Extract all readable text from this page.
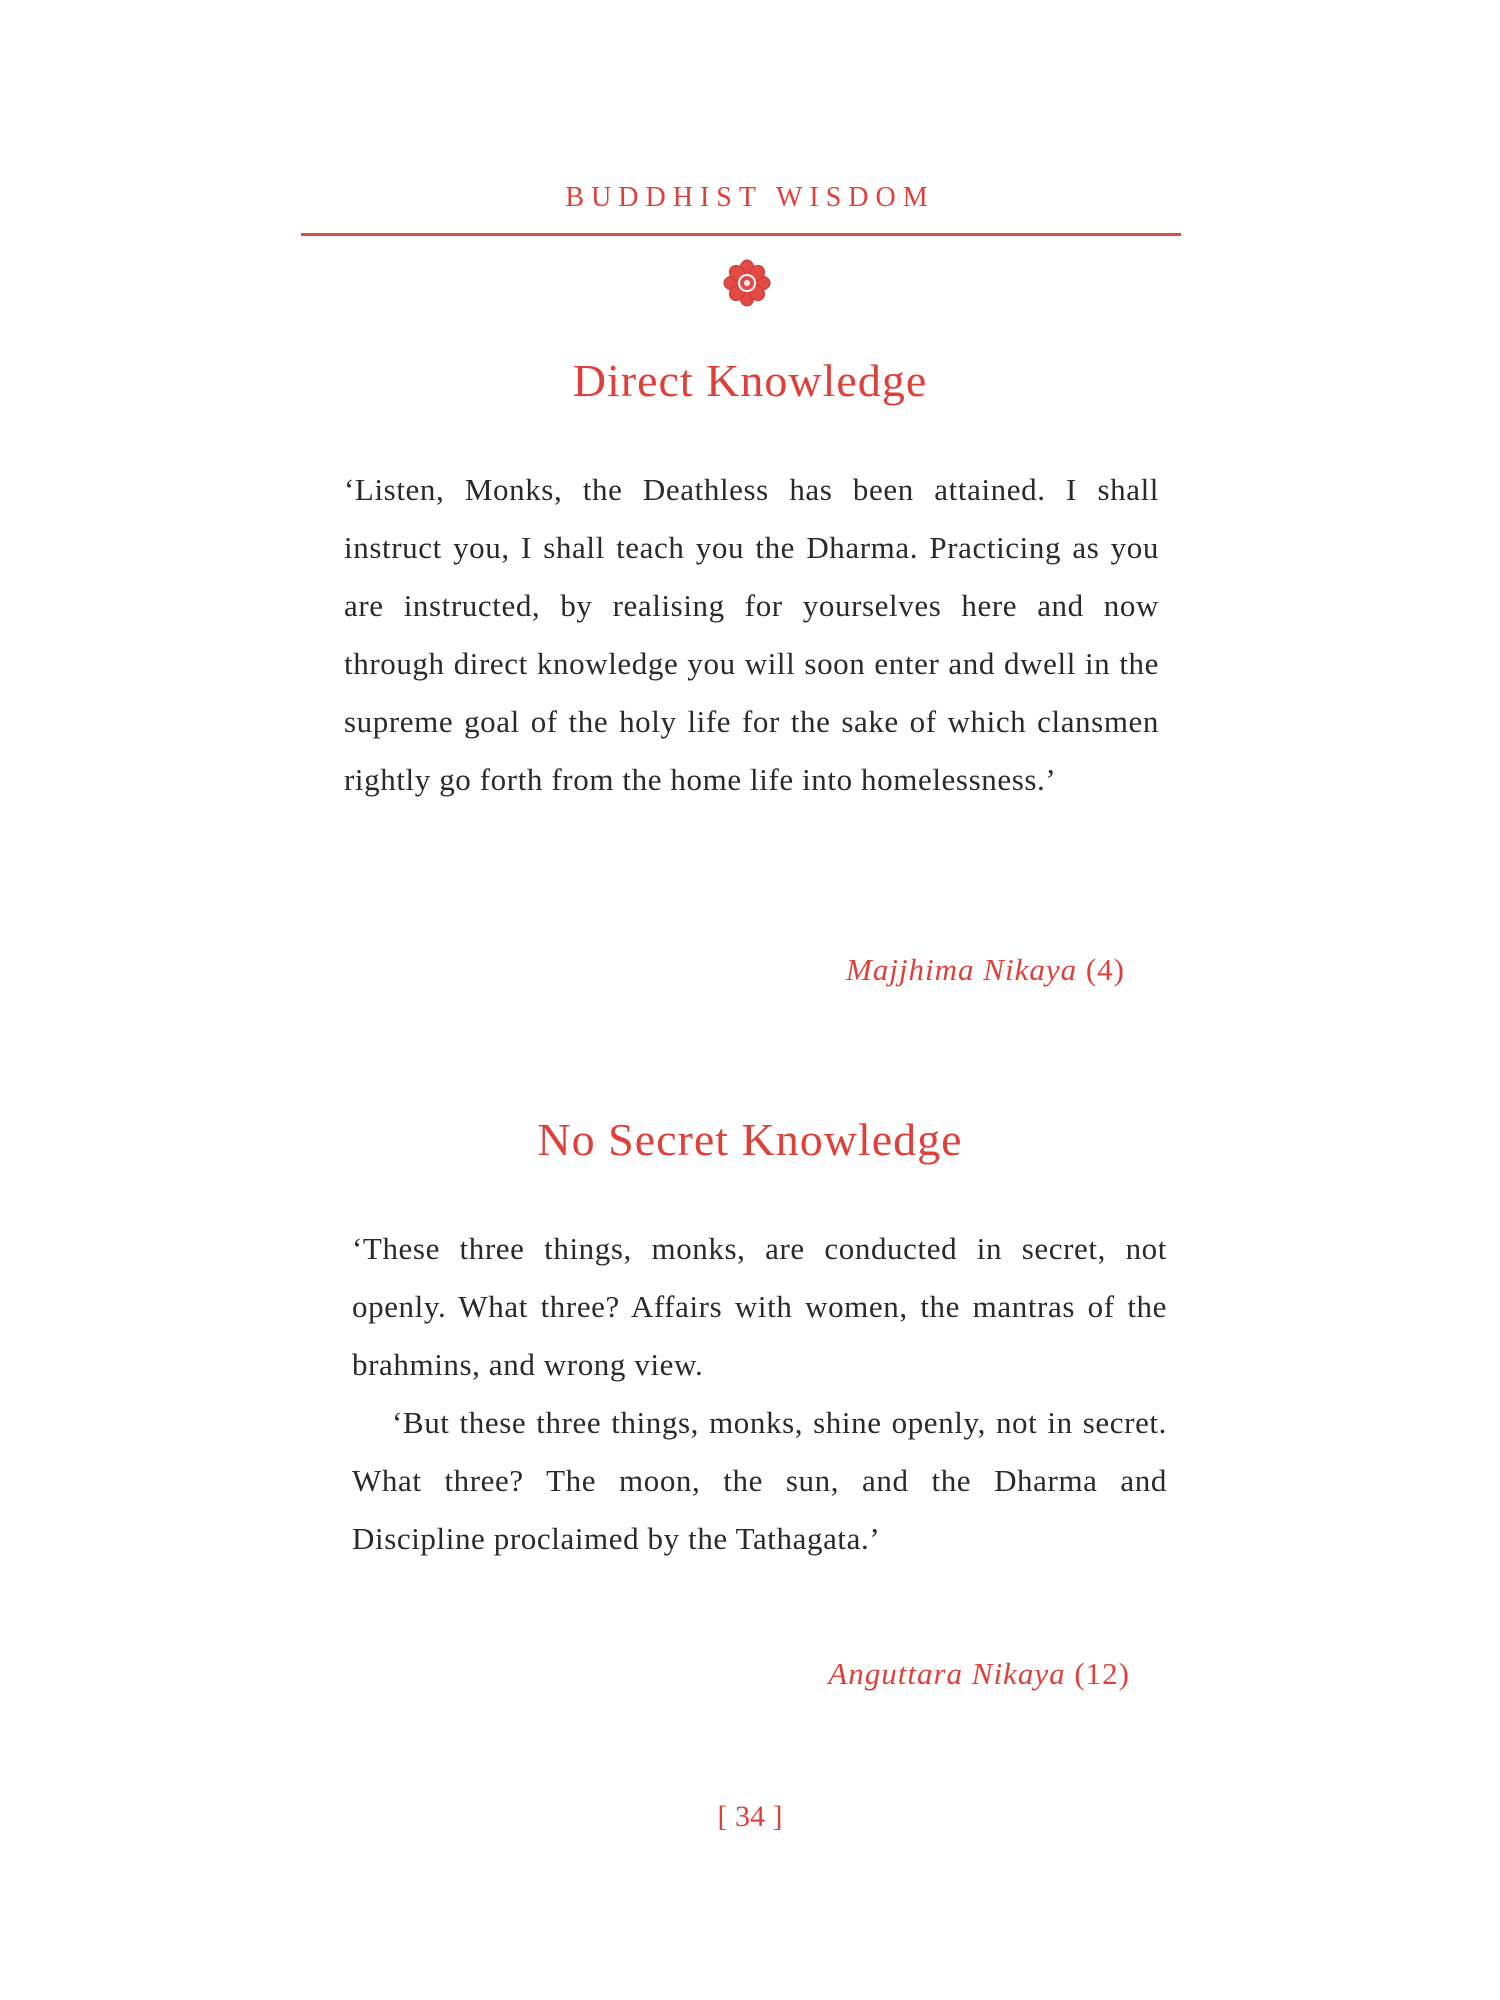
BUDDHIST WISDOM
Direct Knowledge

‘Listen, Monks, the Deathless has been attained. I shall instruct you, I shall teach you the Dharma. Practicing as you are instructed, by realising for yourselves here and now through direct knowledge you will soon enter and dwell in the supreme goal of the holy life for the sake of which clansmen rightly go forth from the home life into homelessness.’

Majjhima Nikaya (4)
No Secret Knowledge

‘These three things, monks, are conducted in secret, not openly. What three? Affairs with women, the mantras of the brahmins, and wrong view.

‘But these three things, monks, shine openly, not in secret. What three? The moon, the sun, and the Dharma and Discipline proclaimed by the Tathagata.’

Anguttara Nikaya (12)
[ 34 ]
